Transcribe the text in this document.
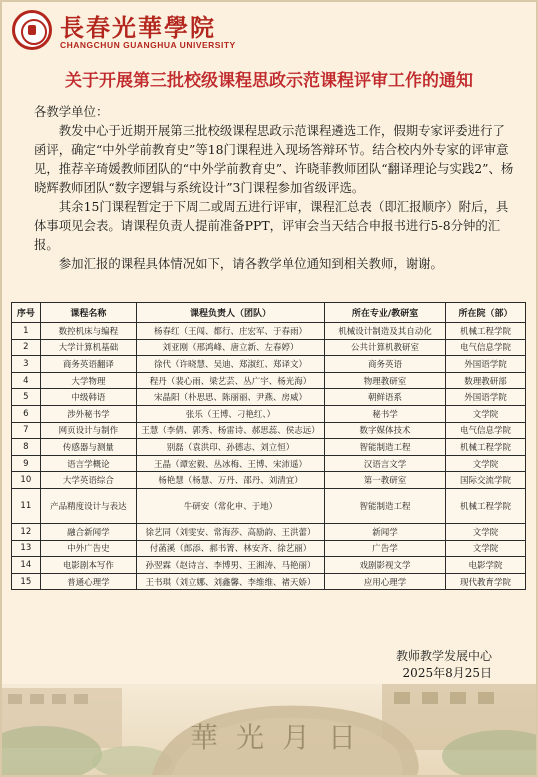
長春光華學院
CHANGCHUN GUANGHUA UNIVERSITY
关于开展第三批校级课程思政示范课程评审工作的通知

各教学单位：

教发中心于近期开展第三批校级课程思政示范课程遴选工作，假期专家评委进行了函评，确定“中外学前教育史”等18门课程进入现场答辩环节。结合校内外专家的评审意见，推荐辛琦媛教师团队的“中外学前教育史”、许晓菲教师团队“翻译理论与实践2”、杨晓辉教师团队“数字逻辑与系统设计”3门课程参加省级评选。

其余15门课程暂定于下周二或周五进行评审，课程汇总表（即汇报顺序）附后，具体事项见会表。请课程负责人提前准备PPT，评审会当天结合申报书进行5-8分钟的汇报。

参加汇报的课程具体情况如下，请各教学单位通知到相关教师，谢谢。

序号	课程名称	课程负责人（团队）	所在专业/教研室	所在院（部）
1	数控机床与编程	杨春红（王闯、都行、庄宏军、于春雨）	机械设计制造及其自动化	机械工程学院
2	大学计算机基础	刘亚刚（邢鸿峰、唐立新、左春婷）	公共计算机教研室	电气信息学院
3	商务英语翻译	徐代（许晓慧、吴迪、郑淑红、郑译文）	商务英语	外国语学院
4	大学物理	程丹（裴心雨、梁艺芸、丛广宇、杨光海）	物理教研室	数理教研部
5	中级韩语	宋晶阳（朴思思、陈丽丽、尹燕、房威）	朝鲜语系	外国语学院
6	涉外秘书学	张乐（王博、刁艳红、）	秘书学	文学院
7	网页设计与制作	王慧（李倩、郭秀、杨雷诗、郝思蕊、侯志远）	数字媒体技术	电气信息学院
8	传感器与测量	别磊（袁洪印、孙德志、刘立恒）	智能制造工程	机械工程学院
9	语言学概论	王晶（谭宏毅、丛冰梅、王博、宋沛遥）	汉语言文学	文学院
10	大学英语综合	杨艳慧（杨慧、万丹、邵丹、刘清宜）	第一教研室	国际交流学院
11	产品精度设计与表达	牛研安（常化申、于地）	智能制造工程	机械工程学院
12	融合新闻学	徐艺同（刘雯安、常海莎、高励韵、王洪蕾）	新闻学	文学院
13	中外广告史	付菡溪（郎添、郝书箐、林安齐、徐艺丽）	广告学	文学院
14	电影剧本写作	孙翌霖（赵诗言、李博男、王湘涛、马艳丽）	戏剧影视文学	电影学院
15	普通心理学	王书琪（刘立娜、刘鑫馨、李维维、禇天娇）	应用心理学	现代教育学院
教师教学发展中心
2025年8月25日
華光月日
